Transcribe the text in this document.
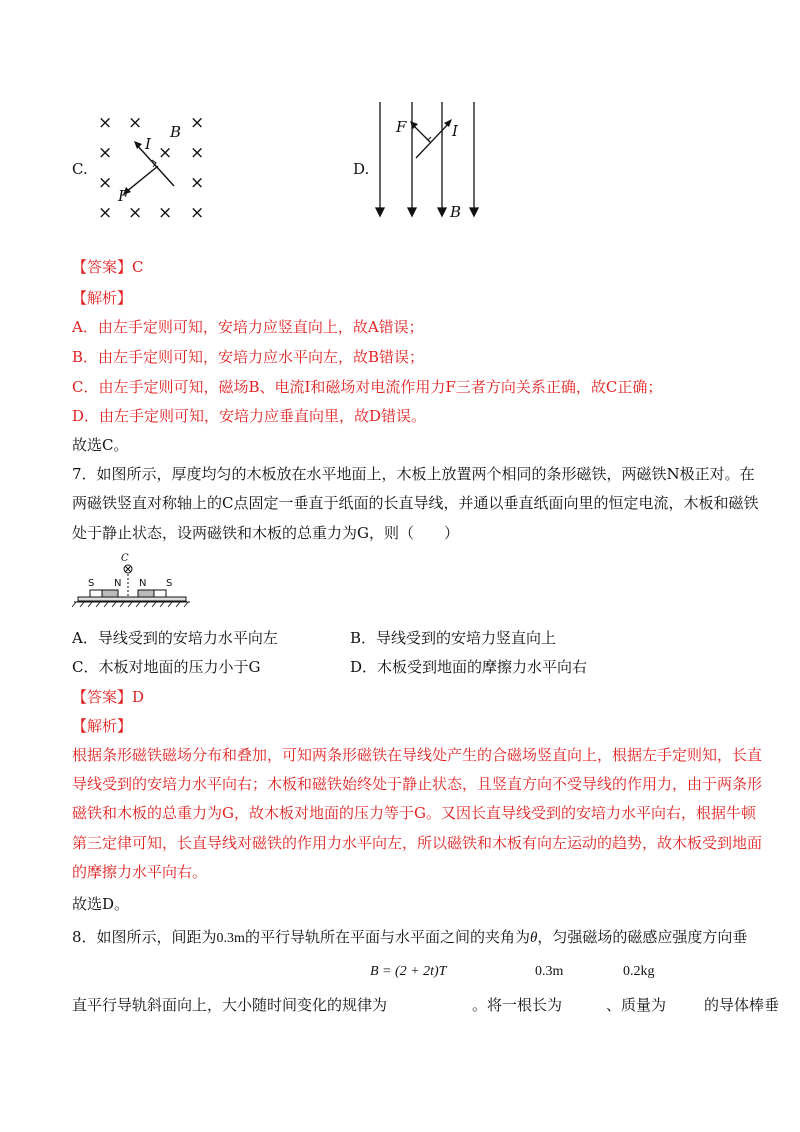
C.
× ×	×
×	× ×
×	×
× × × ×
B
I
F
D.
F	I
B
【答案】C
【解析】
A．由左手定则可知，安培力应竖直向上，故A错误；
B．由左手定则可知，安培力应水平向左，故B错误；
C．由左手定则可知，磁场B、电流I和磁场对电流作用力F三者方向关系正确，故C正确；
D．由左手定则可知，安培力应垂直向里，故D错误。
故选C。
7．如图所示，厚度均匀的木板放在水平地面上，木板上放置两个相同的条形磁铁，两磁铁N极正对。在
两磁铁竖直对称轴上的C点固定一垂直于纸面的长直导线，并通以垂直纸面向里的恒定电流，木板和磁铁
处于静止状态，设两磁铁和木板的总重力为G，则（　　）
C
S N N S
A．导线受到的安培力水平向左	B．导线受到的安培力竖直向上
C．木板对地面的压力小于G	D．木板受到地面的摩擦力水平向右
【答案】D
【解析】
根据条形磁铁磁场分布和叠加，可知两条形磁铁在导线处产生的合磁场竖直向上，根据左手定则知，长直
导线受到的安培力水平向右；木板和磁铁始终处于静止状态，且竖直方向不受导线的作用力，由于两条形
磁铁和木板的总重力为G，故木板对地面的压力等于G。又因长直导线受到的安培力水平向右，根据牛顿
第三定律可知，长直导线对磁铁的作用力水平向左，所以磁铁和木板有向左运动的趋势，故木板受到地面
的摩擦力水平向右。
故选D。
8．如图所示，间距为0.3m的平行导轨所在平面与水平面之间的夹角为θ，匀强磁场的磁感应强度方向垂
B = (2 + 2t)T	0.3m	0.2kg
直平行导轨斜面向上，大小随时间变化的规律为	。将一根长为	、质量为	的导体棒垂
